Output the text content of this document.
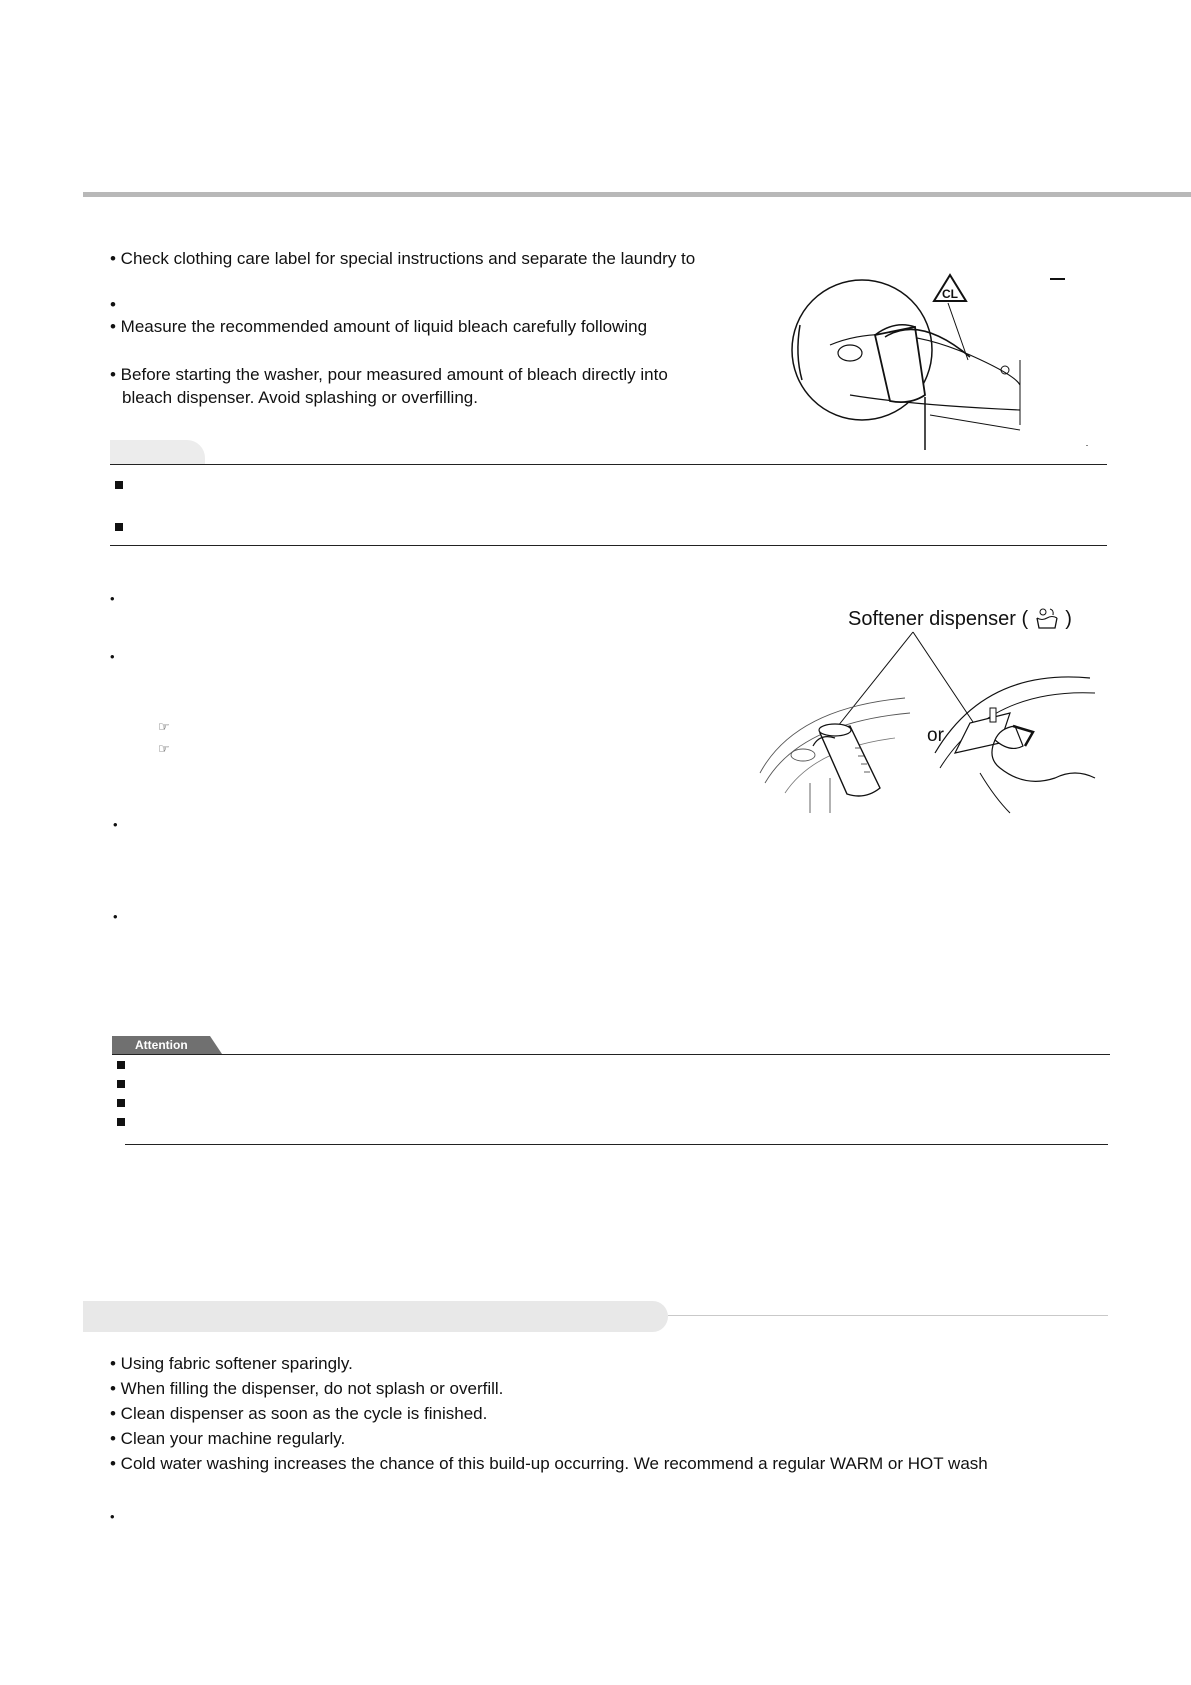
• Check clothing care label for special instructions and separate the laundry to
•
• Measure the recommended amount of liquid bleach carefully following
• Before starting the washer, pour measured amount of bleach directly into
bleach dispenser. Avoid splashing or overfilling.
CL
•
•
☞
☞
•
•
Softener dispenser ( )
or
Attention
• Using fabric softener sparingly.
• When filling the dispenser, do not splash or overfill.
• Clean dispenser as soon as the cycle is finished.
• Clean your machine regularly.
• Cold water washing increases the chance of this build-up occurring. We recommend a regular WARM or HOT wash
•
